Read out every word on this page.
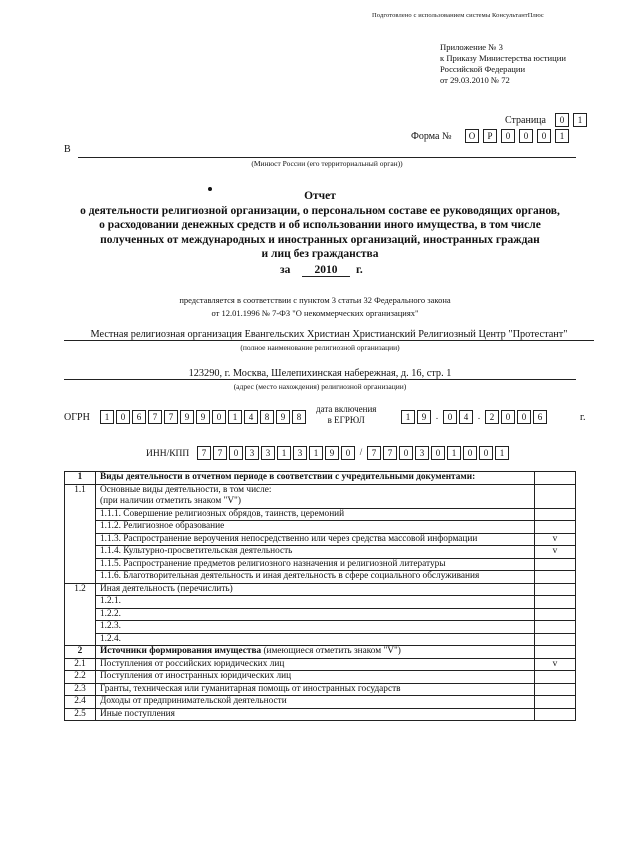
Подготовлено с использованием системы КонсультантПлюс
Приложение № 3
к Приказу Министерства юстиции
Российской Федерации
от 29.03.2010 № 72
Страница	0	1
Форма №	О	Р	0	0	0	1
В
(Минюст России (его территориальный орган))
Отчет
о деятельности религиозной организации, о персональном составе ее руководящих органов,
о расходовании денежных средств и об использовании иного имущества, в том числе
полученных от международных и иностранных организаций, иностранных граждан
и лиц без гражданства
за	2010	г.
представляется в соответствии с пунктом 3 статьи 32 Федерального закона
от 12.01.1996 № 7-ФЗ "О некоммерческих организациях"
Местная религиозная организация Евангельских Христиан Христианский Религиозный Центр "Протестант"
(полное наименование религиозной организации)
123290, г. Москва, Шелепихинская набережная, д. 16, стр. 1
(адрес (место нахождения) религиозной организации)
ОГРН	1	0	6	7	7	9	9	0	1	4	8	9	8
дата включения
в ЕГРЮЛ	1	9	.	0	4	.	2	0	0	6	г.
ИНН/КПП	7	7	0	3	3	1	3	1	9	0	/	7	7	0	3	0	1	0	0	1
1	Виды деятельности в отчетном периоде в соответствии с учредительными документами:	
1.1	Основные виды деятельности, в том числе:
(при наличии отметить знаком "V")	

	1.1.1. Совершение религиозных обрядов, таинств, церемоний	
	1.1.2. Религиозное образование	
	1.1.3. Распространение вероучения непосредственно или через средства массовой информации	v
	1.1.4. Культурно-просветительская деятельность	v
	1.1.5. Распространение предметов религиозного назначения и религиозной литературы	
	1.1.6. Благотворительная деятельность и иная деятельность в сфере социального обслуживания	
1.2	Иная деятельность (перечислить)	
	1.2.1.	
	1.2.2.	
	1.2.3.	
	1.2.4.	
2	Источники формирования имущества (имеющиеся отметить знаком "V")	
2.1	Поступления от российских юридических лиц	v
2.2	Поступления от иностранных юридических лиц	
2.3	Гранты, техническая или гуманитарная помощь от иностранных государств	
2.4	Доходы от предпринимательской деятельности	
2.5	Иные поступления	
